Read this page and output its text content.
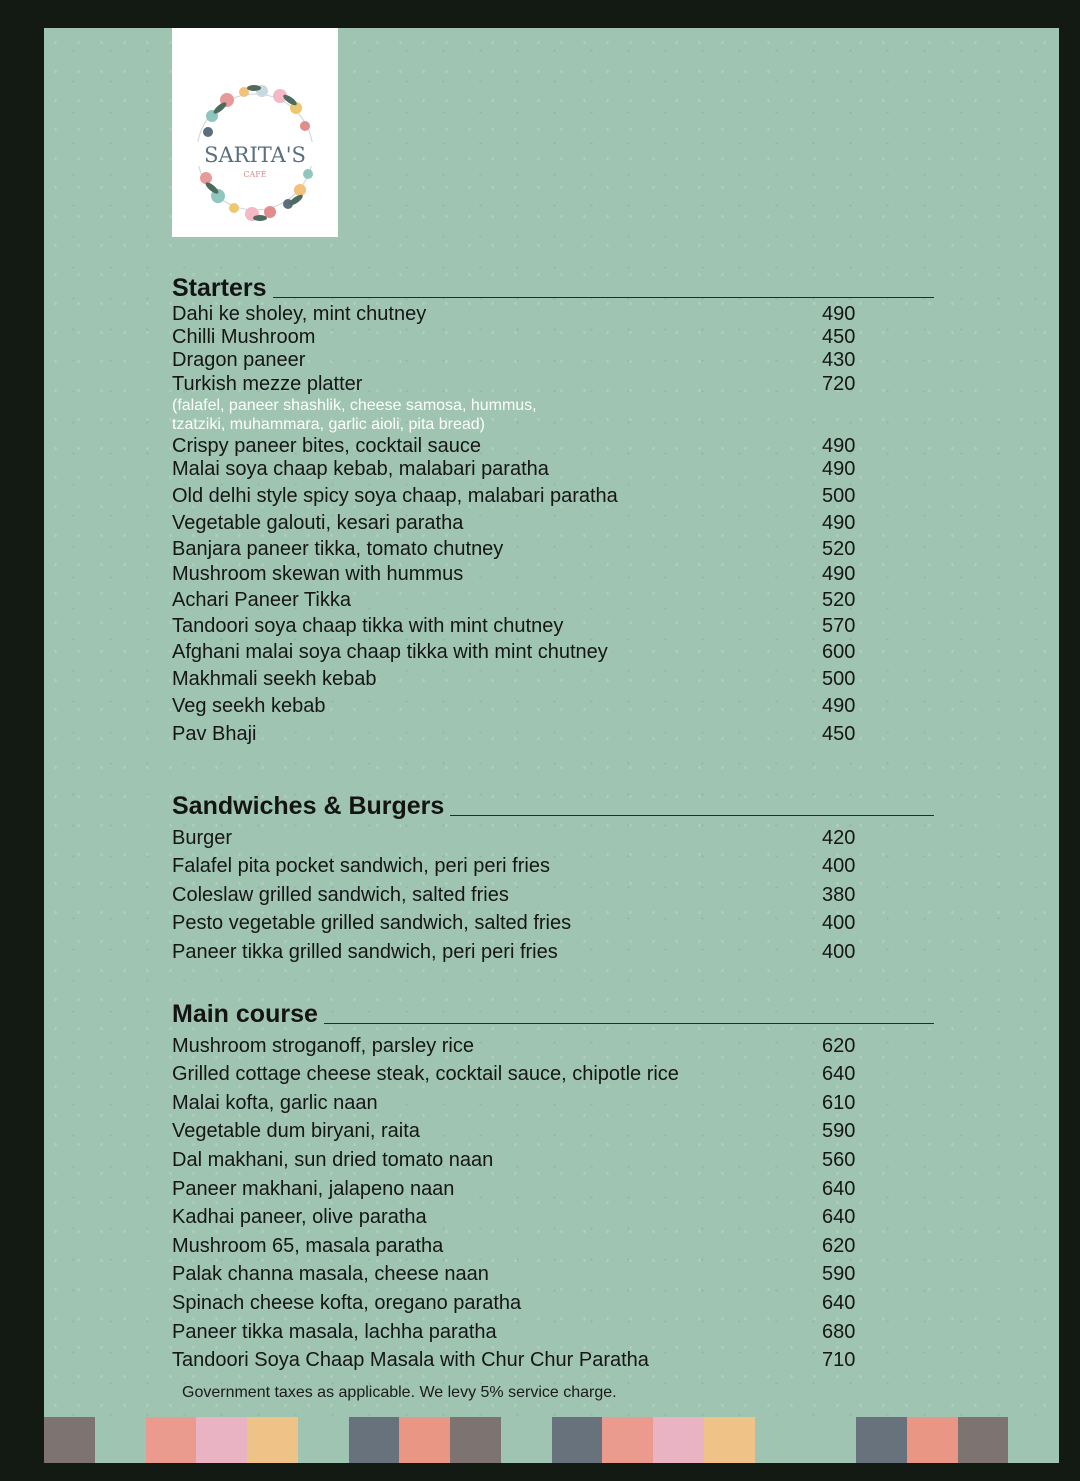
SARITA'S
CAFÉ
Starters
Dahi ke sholey, mint chutney	490
Chilli Mushroom	450
Dragon paneer	430
Turkish mezze platter	720
(falafel, paneer shashlik, cheese samosa, hummus,
tzatziki, muhammara, garlic aioli, pita bread)
Crispy paneer bites, cocktail sauce	490
Malai soya chaap kebab, malabari paratha	490
Old delhi style spicy soya chaap, malabari paratha	500
Vegetable galouti, kesari paratha	490
Banjara paneer tikka, tomato chutney	520
Mushroom skewan with hummus	490
Achari Paneer Tikka	520
Tandoori soya chaap tikka with mint chutney	570
Afghani malai soya chaap tikka with mint chutney	600
Makhmali seekh kebab	500
Veg seekh kebab	490
Pav Bhaji	450
Sandwiches & Burgers
Burger	420
Falafel pita pocket sandwich, peri peri fries	400
Coleslaw grilled sandwich, salted fries	380
Pesto vegetable grilled sandwich, salted fries	400
Paneer tikka grilled sandwich, peri peri fries	400
Main course
Mushroom stroganoff, parsley rice	620
Grilled cottage cheese steak, cocktail sauce, chipotle rice	640
Malai kofta, garlic naan	610
Vegetable dum biryani, raita	590
Dal makhani, sun dried tomato naan	560
Paneer makhani, jalapeno naan	640
Kadhai paneer, olive paratha	640
Mushroom 65, masala paratha	620
Palak channa masala, cheese naan	590
Spinach cheese kofta, oregano paratha	640
Paneer tikka masala, lachha paratha	680
Tandoori Soya Chaap Masala with Chur Chur Paratha	710
Government taxes as applicable. We levy 5% service charge.
